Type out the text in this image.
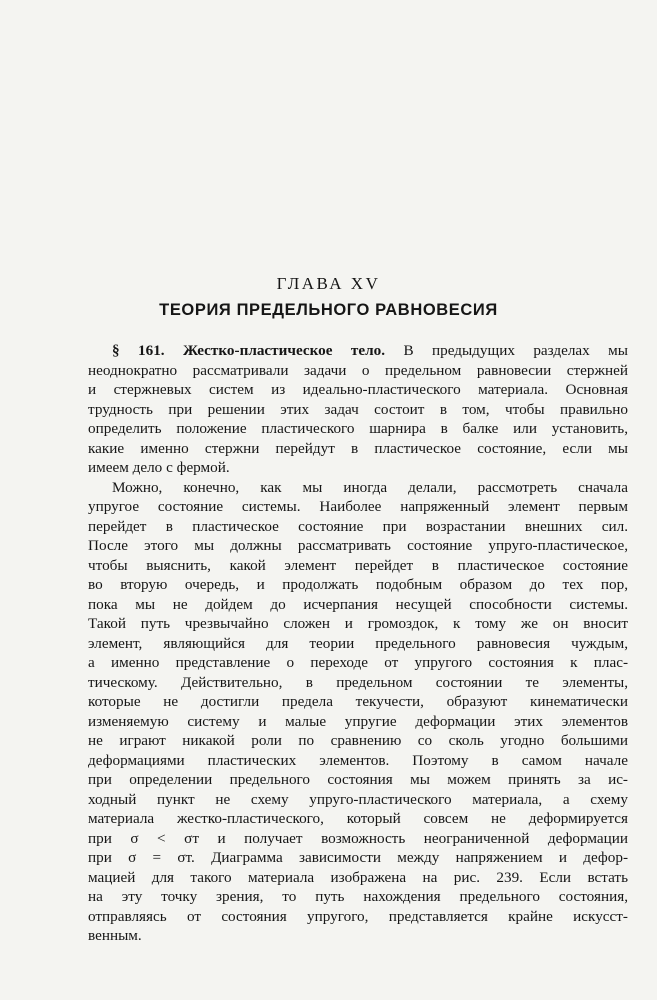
ГЛАВА XV
ТЕОРИЯ ПРЕДЕЛЬНОГО РАВНОВЕСИЯ
§ 161. Жестко-пластическое тело. В предыдущих разделах мы
неоднократно рассматривали задачи о предельном равновесии стержней
и стержневых систем из идеально-пластического материала. Основная
трудность при решении этих задач состоит в том, чтобы правильно
определить положение пластического шарнира в балке или установить,
какие именно стержни перейдут в пластическое состояние, если мы
имеем дело с фермой.
Можно, конечно, как мы иногда делали, рассмотреть сначала
упругое состояние системы. Наиболее напряженный элемент первым
перейдет в пластическое состояние при возрастании внешних сил.
После этого мы должны рассматривать состояние упруго-пластическое,
чтобы выяснить, какой элемент перейдет в пластическое состояние
во вторую очередь, и продолжать подобным образом до тех пор,
пока мы не дойдем до исчерпания несущей способности системы.
Такой путь чрезвычайно сложен и громоздок, к тому же он вносит
элемент, являющийся для теории предельного равновесия чуждым,
а именно представление о переходе от упругого состояния к плас-
тическому. Действительно, в предельном состоянии те элементы,
которые не достигли предела текучести, образуют кинематически
изменяемую систему и малые упругие деформации этих элементов
не играют никакой роли по сравнению со сколь угодно большими
деформациями пластических элементов. Поэтому в самом начале
при определении предельного состояния мы можем принять за ис-
ходный пункт не схему упруго-пластического материала, а схему
материала жестко-пластического, который совсем не деформируется
при σ < σт и получает возможность неограниченной деформации
при σ = σт. Диаграмма зависимости между напряжением и дефор-
мацией для такого материала изображена на рис. 239. Если встать
на эту точку зрения, то путь нахождения предельного состояния,
отправляясь от состояния упругого, представляется крайне искусст-
венным.
